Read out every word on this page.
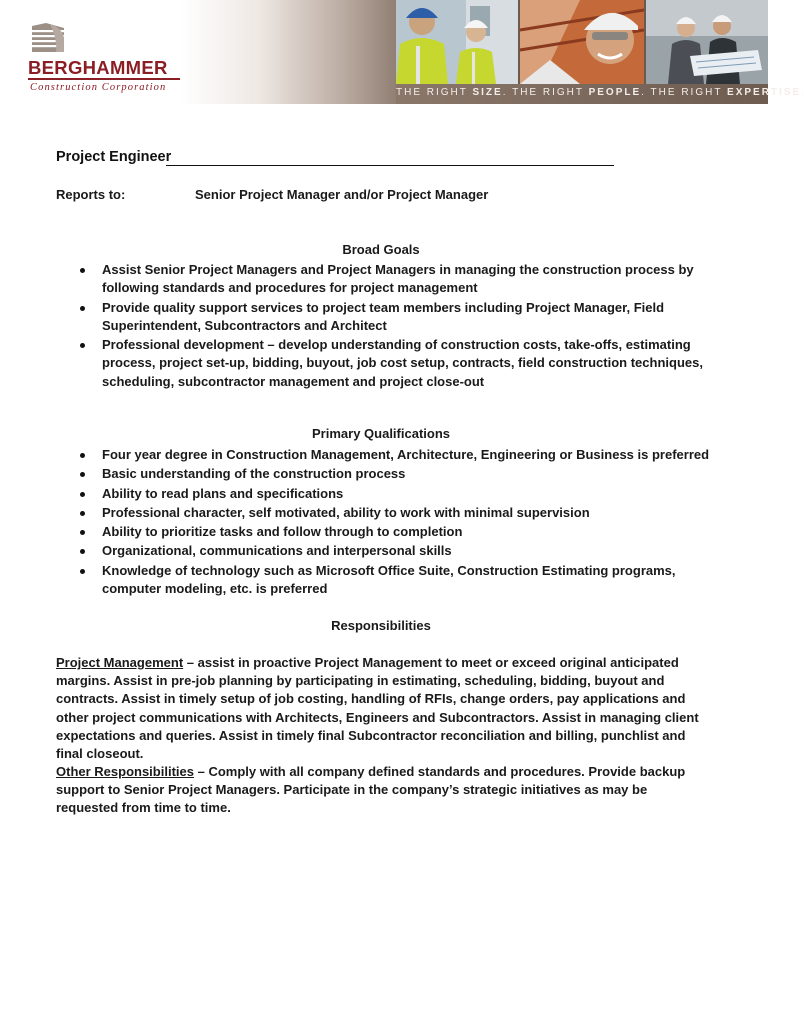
BERGHAMMER
Construction Corporation	THE RIGHT SIZE. THE RIGHT PEOPLE. THE RIGHT EXPERTISE.
Project Engineer
Reports to:	Senior Project Manager and/or Project Manager
Broad Goals
Assist Senior Project Managers and Project Managers in managing the construction process by following standards and procedures for project management
Provide quality support services to project team members including Project Manager, Field Superintendent, Subcontractors and Architect
Professional development – develop understanding of construction costs, take-offs, estimating process, project set-up, bidding, buyout, job cost setup, contracts, field construction techniques, scheduling, subcontractor management and project close-out
Primary Qualifications
Four year degree in Construction Management, Architecture, Engineering or Business is preferred
Basic understanding of the construction process
Ability to read plans and specifications
Professional character, self motivated, ability to work with minimal supervision
Ability to prioritize tasks and follow through to completion
Organizational, communications and interpersonal skills
Knowledge of technology such as Microsoft Office Suite, Construction Estimating programs, computer modeling, etc. is preferred
Responsibilities
Project Management – assist in proactive Project Management to meet or exceed original anticipated margins. Assist in pre-job planning by participating in estimating, scheduling, bidding, buyout and contracts. Assist in timely setup of job costing, handling of RFIs, change orders, pay applications and other project communications with Architects, Engineers and Subcontractors. Assist in managing client expectations and queries. Assist in timely final Subcontractor reconciliation and billing, punchlist and final closeout.
Other Responsibilities – Comply with all company defined standards and procedures. Provide backup support to Senior Project Managers. Participate in the company’s strategic initiatives as may be requested from time to time.
